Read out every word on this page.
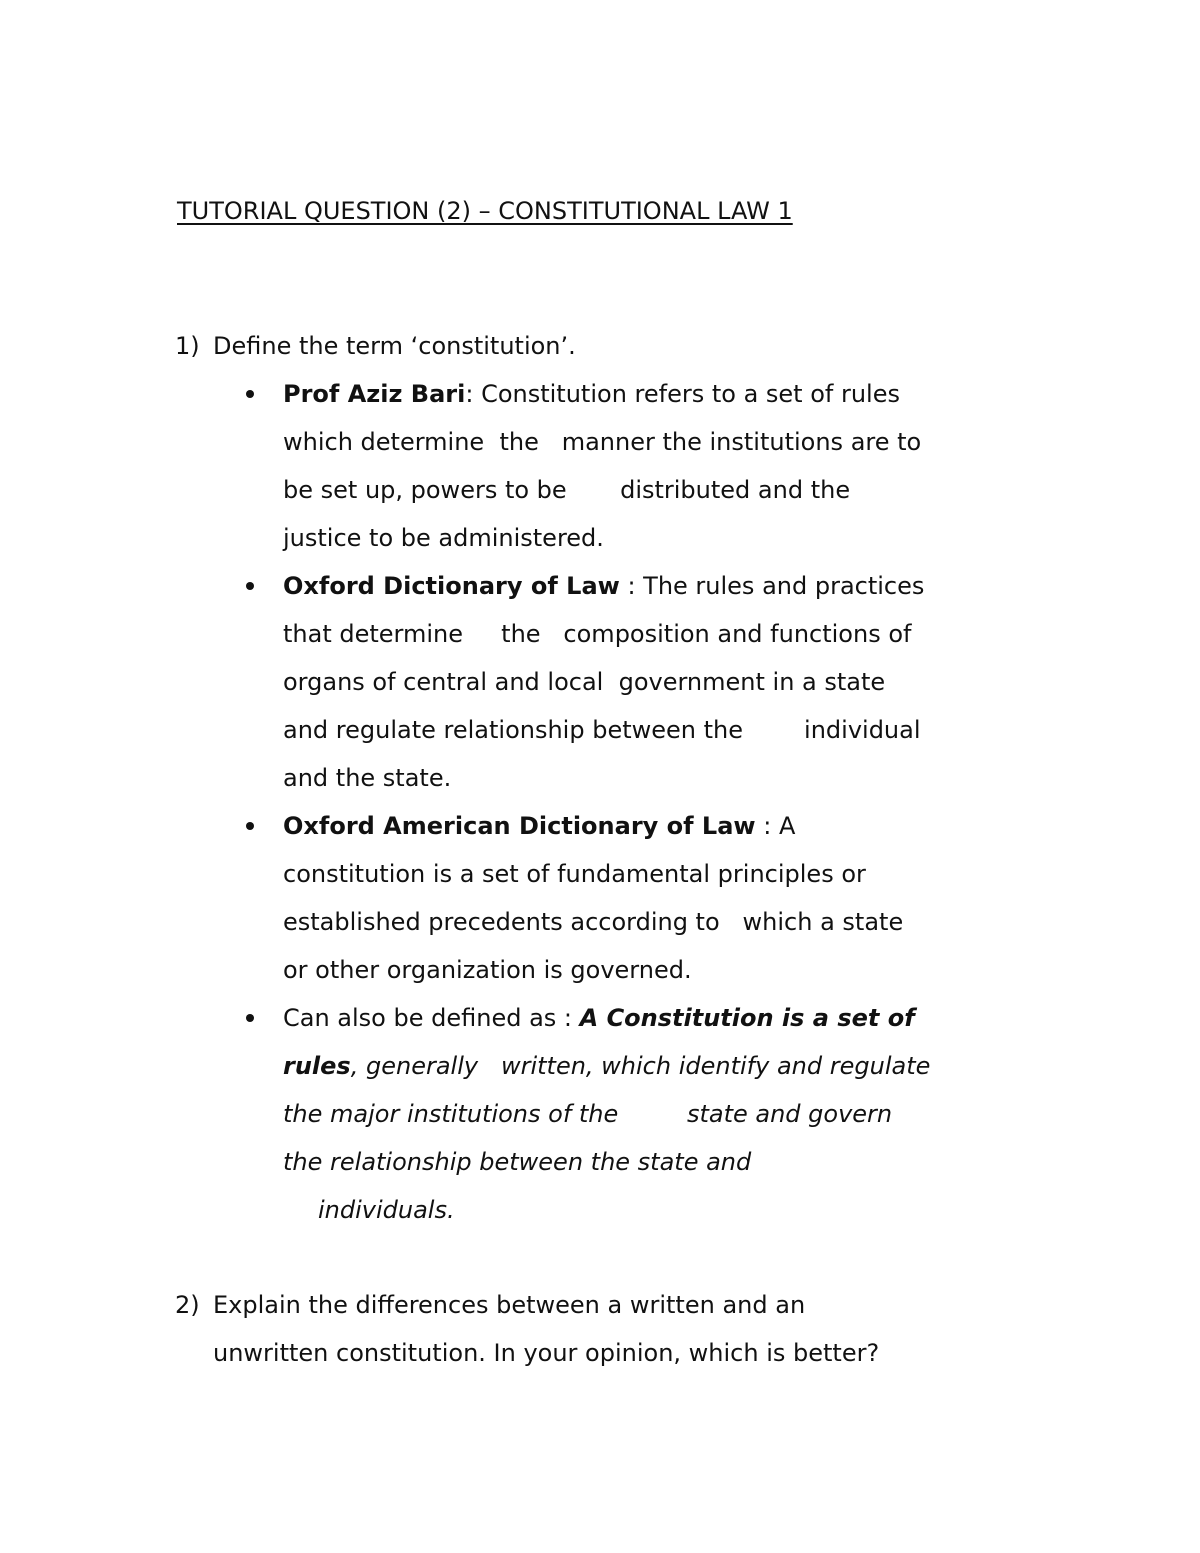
TUTORIAL QUESTION (2) – CONSTITUTIONAL LAW 1

1) Define the term ‘constitution’.

Prof Aziz Bari: Constitution refers to a set of rules
which determine  the   manner the institutions are to
be set up, powers to be       distributed and the
justice to be administered.
Oxford Dictionary of Law : The rules and practices
that determine     the   composition and functions of
organs of central and local  government in a state
and regulate relationship between the        individual
and the state.
Oxford American Dictionary of Law : A
constitution is a set of fundamental principles or
established precedents according to   which a state
or other organization is governed.
Can also be defined as : A Constitution is a set of
rules, generally   written, which identify and regulate
the major institutions of the         state and govern
the relationship between the state and
individuals.

2) Explain the differences between a written and an
unwritten constitution. In your opinion, which is better?
